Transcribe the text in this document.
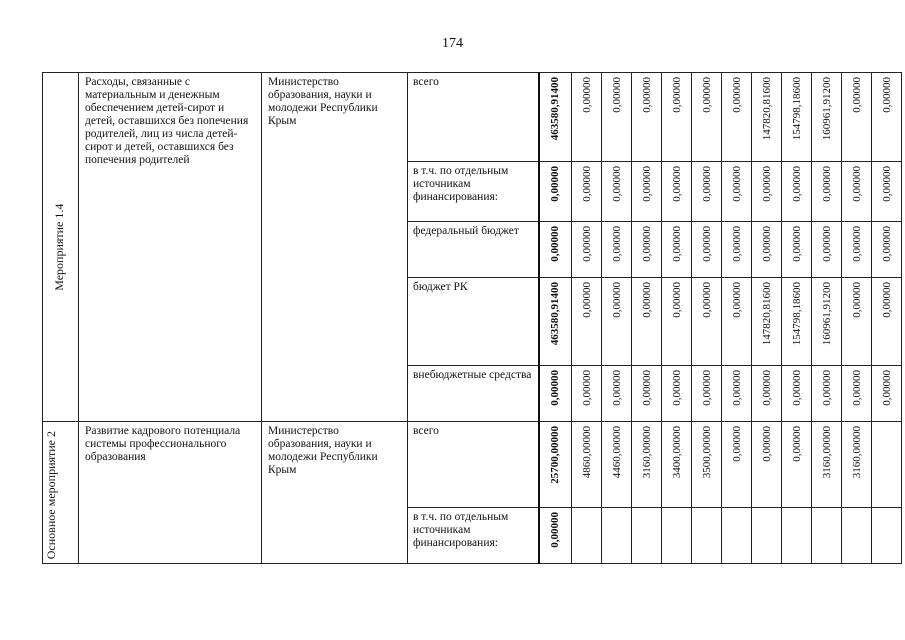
174
Мероприятие 1.4	Расходы, связанные с материальным и денежным обеспечением детей-сирот и детей, оставшихся без попечения родителей, лиц из числа детей-сирот и детей, оставшихся без попечения родителей	Министерство образования, науки и молодежи Республики Крым	всего	463580,91400	0,00000	0,00000	0,00000	0,00000	0,00000	0,00000	147820,81600	154798,18600	160961,91200	0,00000	0,00000

			в т.ч. по отдельным источникам финансирования:	0,00000	0,00000	0,00000	0,00000	0,00000	0,00000	0,00000	0,00000	0,00000	0,00000	0,00000	0,00000

			федеральный бюджет	0,00000	0,00000	0,00000	0,00000	0,00000	0,00000	0,00000	0,00000	0,00000	0,00000	0,00000	0,00000

			бюджет РК	463580,91400	0,00000	0,00000	0,00000	0,00000	0,00000	0,00000	147820,81600	154798,18600	160961,91200	0,00000	0,00000

			внебюджетные средства	0,00000	0,00000	0,00000	0,00000	0,00000	0,00000	0,00000	0,00000	0,00000	0,00000	0,00000	0,00000

Основное мероприятие 2	Развитие кадрового потенциала системы профессионального образования	Министерство образования, науки и молодежи Республики Крым	всего	25700,00000	4860,00000	4460,00000	3160,00000	3400,00000	3500,00000	0,00000	0,00000	0,00000	3160,00000	3160,00000	

			в т.ч. по отдельным источникам финансирования:	0,00000											
